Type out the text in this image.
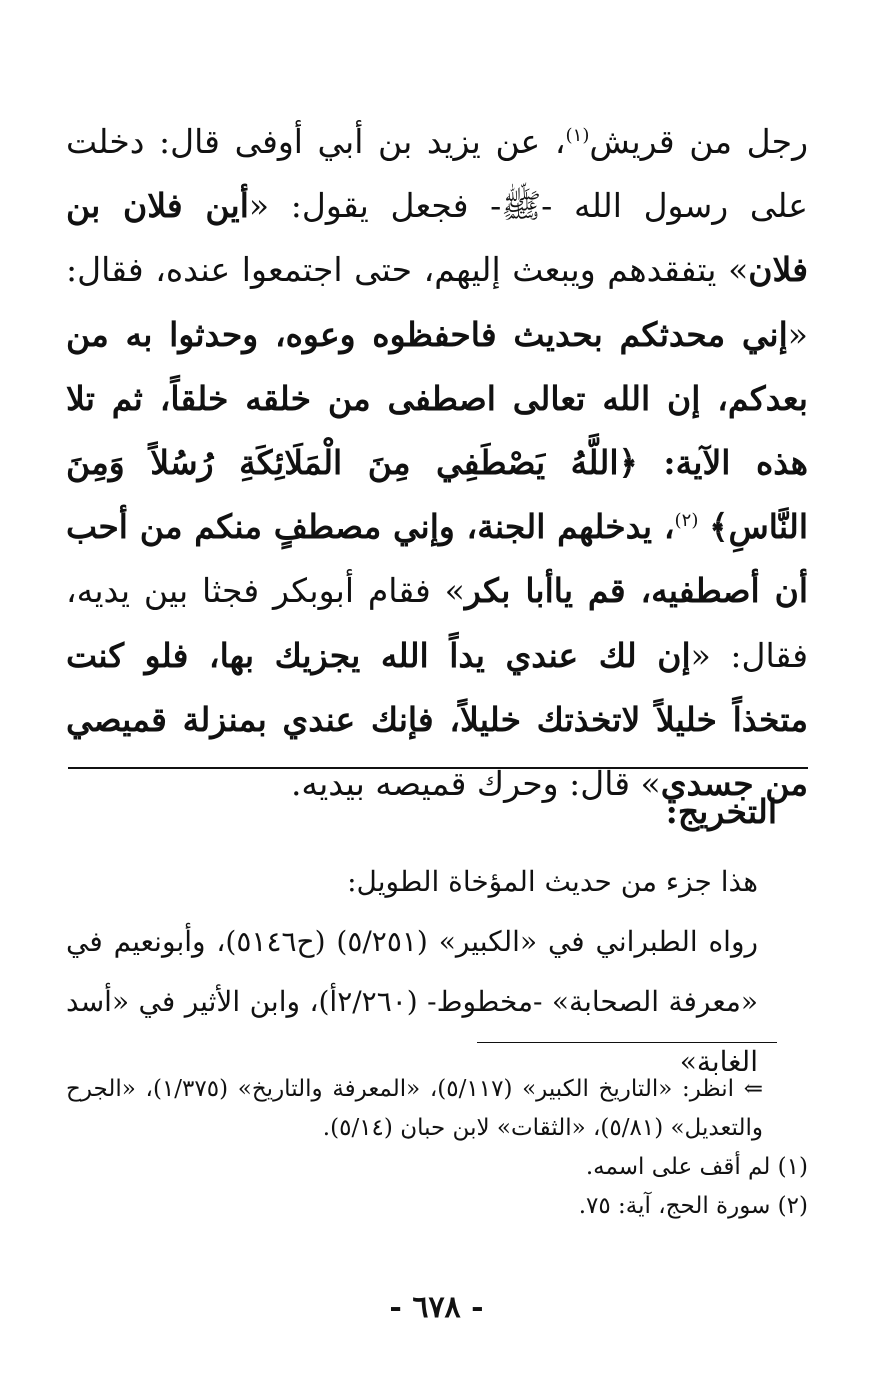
رجل من قريش$^{(١)}$، عن يزيد بن أبي أوفى قال: دخلت على رسول الله -ﷺ- فجعل يقول: «أين فلان بن فلان» يتفقدهم ويبعث إليهم، حتى اجتمعوا عنده، فقال: «إني محدثكم بحديث فاحفظوه وعوه، وحدثوا به من بعدكم، إن الله تعالى اصطفى من خلقه خلقاً، ثم تلا هذه الآية: ﴿اللَّهُ يَصْطَفِي مِنَ الْمَلَائِكَةِ رُسُلاً وَمِنَ النَّاسِ﴾ $^{(٢)}$، يدخلهم الجنة، وإني مصطفٍ منكم من أحب أن أصطفيه، قم ياأبا بكر» فقام أبوبكر فجثا بين يديه، فقال: «إن لك عندي يداً الله يجزيك بها، فلو كنت متخذاً خليلاً لاتخذتك خليلاً، فإنك عندي بمنزلة قميصي من جسدي» قال: وحرك قميصه بيديه.
التخريج:

هذا جزء من حديث المؤخاة الطويل:

رواه الطبراني في «الكبير» (٥/٢٥١) (ح٥١٤٦)، وأبونعيم في «معرفة الصحابة» -مخطوط- (٢/٢٦٠أ)، وابن الأثير في «أسد الغابة»

⇐ انظر: «التاريخ الكبير» (٥/١١٧)، «المعرفة والتاريخ» (١/٣٧٥)، «الجرح والتعديل» (٥/٨١)، «الثقات» لابن حبان (٥/١٤).

(١) لم أقف على اسمه.

(٢) سورة الحج، آية: ٧٥.

- ٦٧٨ -
